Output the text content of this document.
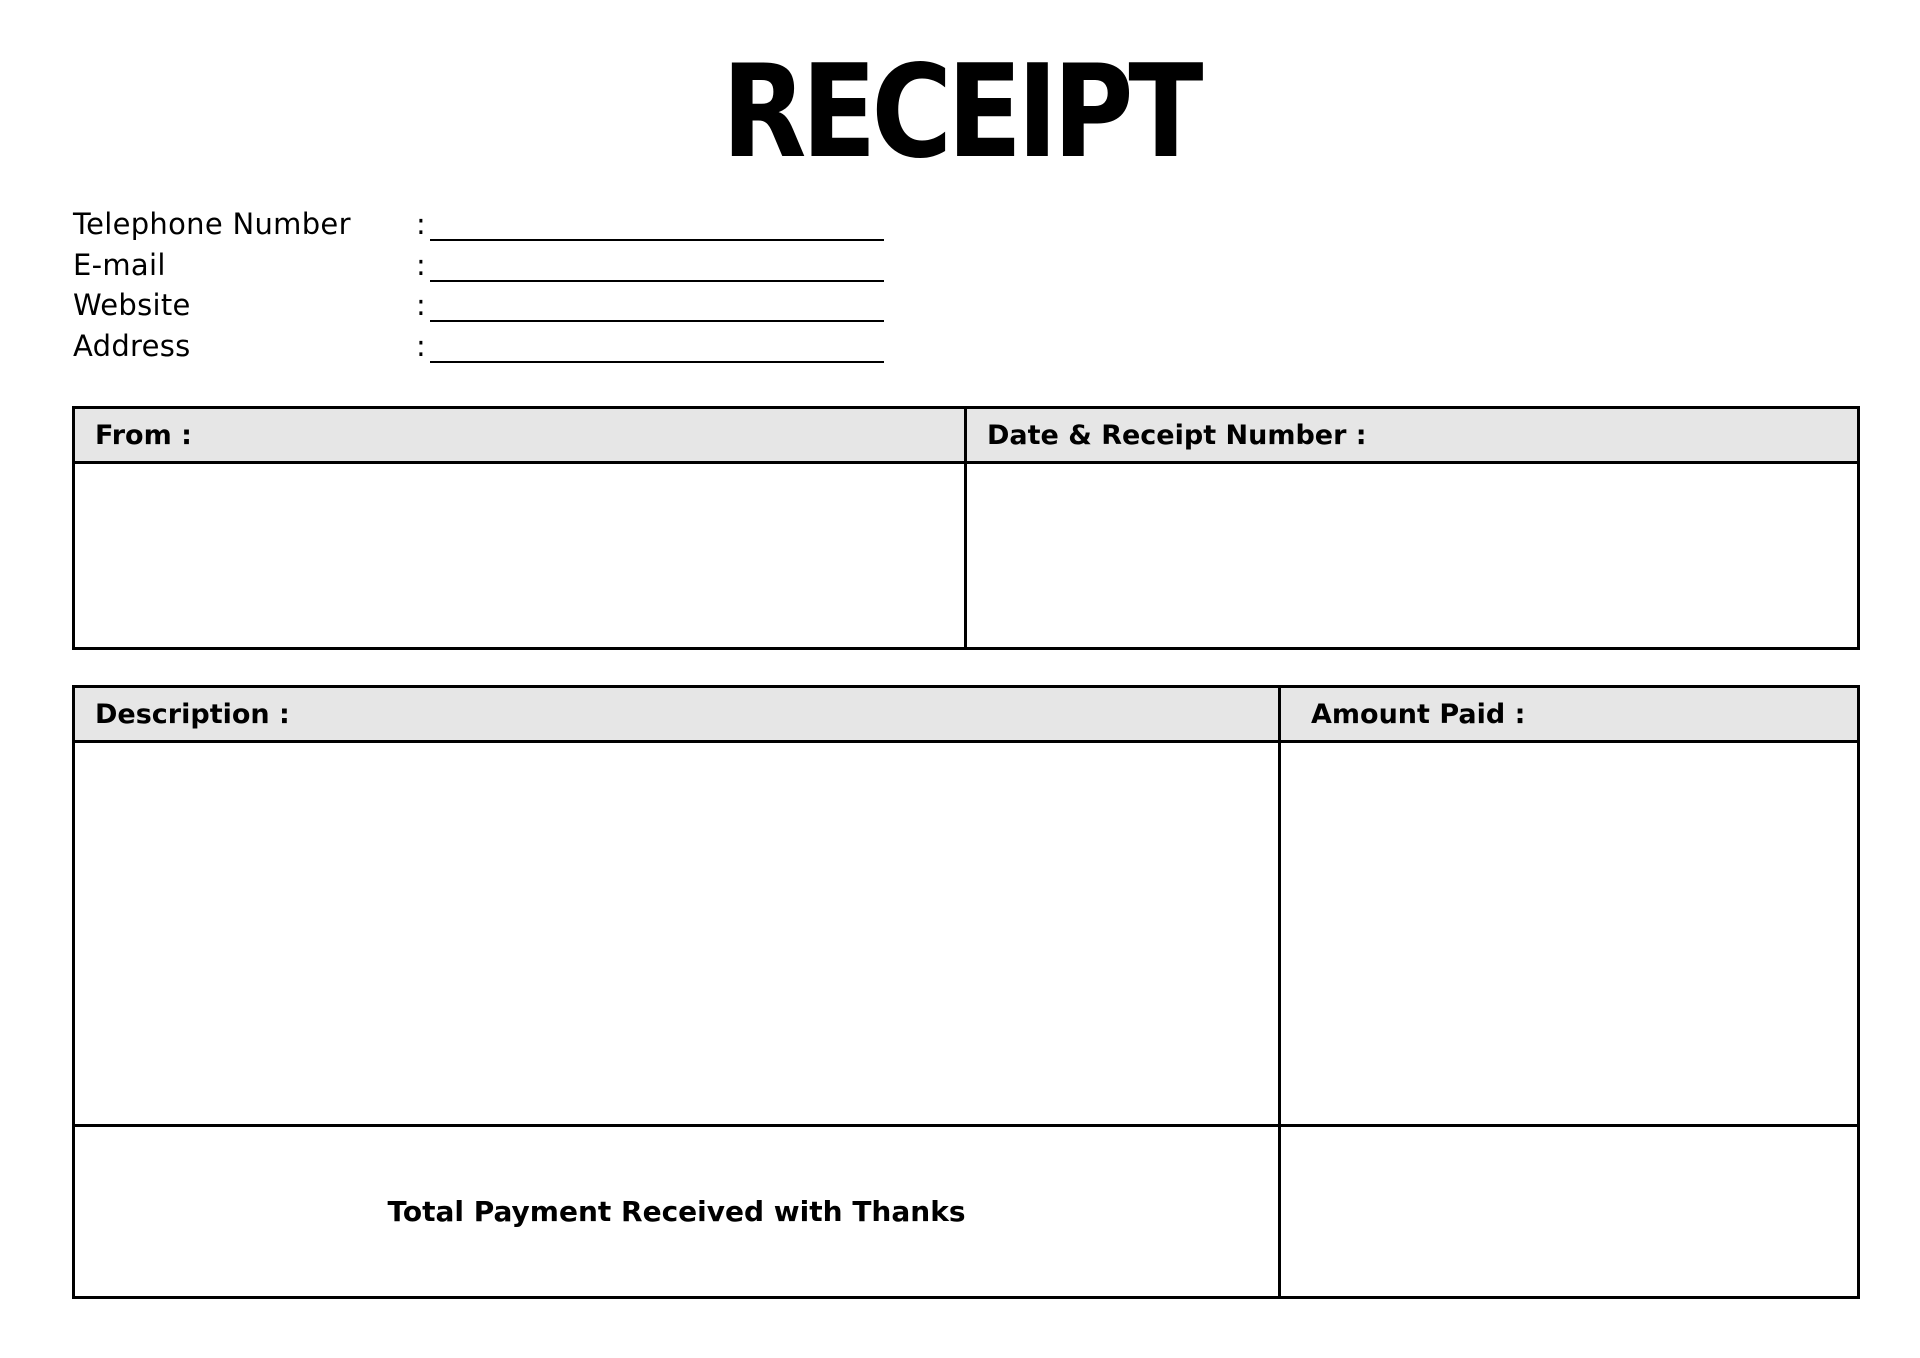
RECEIPT
Telephone Number	:
E-mail	:
Website	:
Address	:
From :	Date & Receipt Number :

Description :	Amount Paid :

Total Payment Received with Thanks	
